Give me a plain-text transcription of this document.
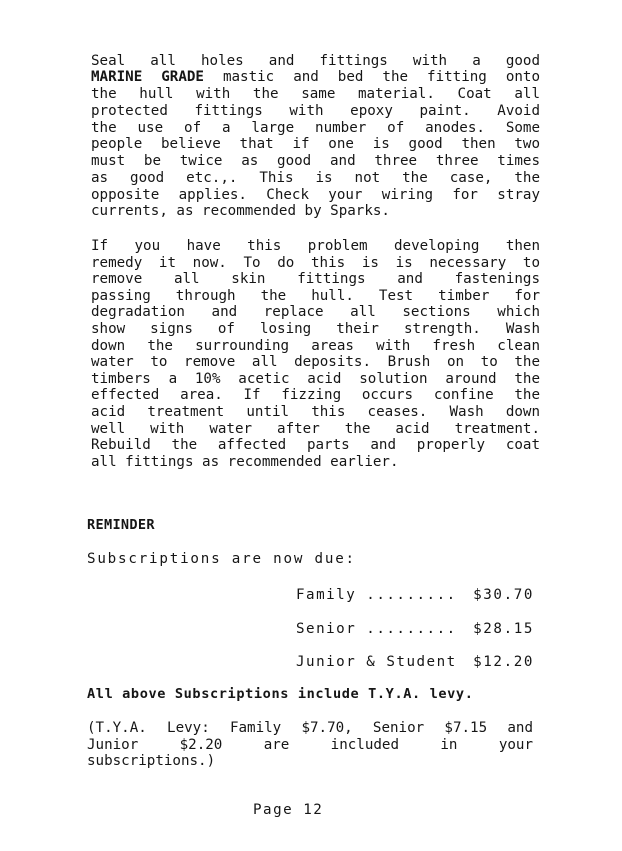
Seal all holes and fittings with a good
MARINE GRADE mastic and bed the fitting onto
the hull with the same material. Coat all
protected fittings with epoxy paint. Avoid
the use of a large number of anodes. Some
people believe that if one is good then two
must be twice as good and three three times
as good etc.,. This is not the case, the
opposite applies. Check your wiring for stray
currents, as recommended by Sparks.
If you have this problem developing then
remedy it now. To do this is is necessary to
remove all skin fittings and fastenings
passing through the hull. Test timber for
degradation and replace all sections which
show signs of losing their strength. Wash
down the surrounding areas with fresh clean
water to remove all deposits. Brush on to the
timbers a 10% acetic acid solution around the
effected area. If fizzing occurs confine the
acid treatment until this ceases. Wash down
well with water after the acid treatment.
Rebuild the affected parts and properly coat
all fittings as recommended earlier.
REMINDER
Subscriptions are now due:
Family ......... $30.70
Senior ......... $28.15
Junior & Student $12.20
All above Subscriptions include T.Y.A. levy.
(T.Y.A. Levy: Family $7.70, Senior $7.15 and
Junior $2.20 are included in your
subscriptions.)
Page 12
